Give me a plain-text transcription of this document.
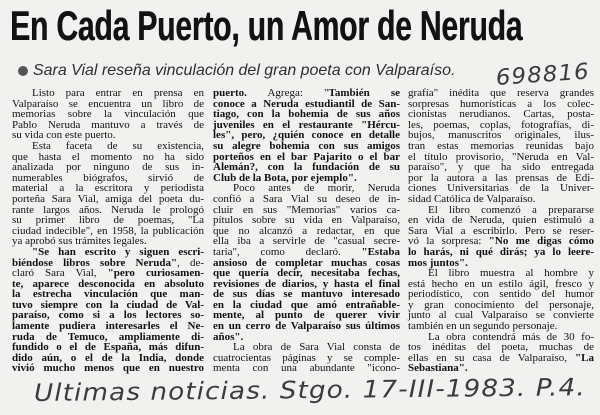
En Cada Puerto, un Amor de Neruda
Sara Vial reseña vinculación del gran poeta con Valparaíso. 698816
Listo para entrar en prensa en
Valparaíso se encuentra un libro de
memorias sobre la vinculación que
Pablo Neruda mantuvo a través de
su vida con este puerto.
Esta faceta de su existencia,
que hasta el momento no ha sido
analizada por ninguno de sus in-
numerables biógrafos, sirvió de
material a la escritora y periodista
porteña Sara Vial, amiga del poeta du-
rante largos años. Neruda le prologó
su primer libro de poemas, "La
ciudad indecible", en 1958, la publicación
ya aprobó sus trámites legales.
"Se han escrito y siguen escri-
biéndose libros sobre Neruda", de-
claró Sara Vial, "pero curiosamen-
te, aparece desconocida en absoluto
la estrecha vinculación que man-
tuvo siempre con la ciudad de Val-
paraíso, como si a los lectores so-
lamente pudiera interesarles el Ne-
ruda de Temuco, ampliamente di-
fundido o el de España, más difun-
dido aún, o el de la India, donde
vivió mucho menos que en nuestro
puerto. Agrega: "También se
conoce a Neruda estudiantil de San-
tiago, con la bohemia de sus años
juveniles en el restaurante "Hércu-
les", pero, ¿quién conoce en detalle
su alegre bohemia con sus amigos
porteños en el bar Pajarito o el bar
Alemán?, con la fundación de su
Club de la Bota, por ejemplo".
Poco antes de morir, Neruda
confió a Sara Vial su deseo de in-
cluir en sus "Memorias" varios ca-
pítulos sobre su vida en Valparaíso,
que no alcanzó a redactar, en que
ella iba a servirle de "casual secre-
taria", como declaró. "Estaba
ansioso de completar muchas cosas
que quería decir, necesitaba fechas,
revisiones de diarios, y hasta el final
de sus días se mantuvo interesado
en la ciudad que amó entrañable-
mente, al punto de querer vivir
en un cerro de Valparaíso sus últimos
años".
La obra de Sara Vial consta de
cuatrocientas páginas y se comple-
menta con una abundante "icono-
grafía" inédita que reserva grandes
sorpresas humorísticas a los colec-
cionistas nerudianos. Cartas, posta-
les, poemas, coplas, fotografías, di-
bujos, manuscritos originales, ilus-
tran estas memorias reunidas bajo
el título provisorio, "Neruda en Val-
paraíso", y que ha sido entregada
por la autora a las prensas de Edi-
ciones Universitarias de la Univer-
sidad Católica de Valparaíso.
El libro comenzó a prepararse
en vida de Neruda, quien estimuló a
Sara Vial a escribirlo. Pero se reser-
vó la sorpresa: "No me digas cómo
lo harás, ni qué dirás; ya lo leere-
mos juntos".
El libro muestra al hombre y
está hecho en un estilo ágil, fresco y
periodístico, con sentido del humor
y gran conocimiento del personaje,
junto al cual Valparaíso se convierte
también en un segundo personaje.
La obra contendrá más de 30 fo-
tos inéditas del poeta, muchas de
ellas en su casa de Valparaíso, "La
Sebastiana".
Ultimas noticias. Stgo. 17-III-1983. P.4.
